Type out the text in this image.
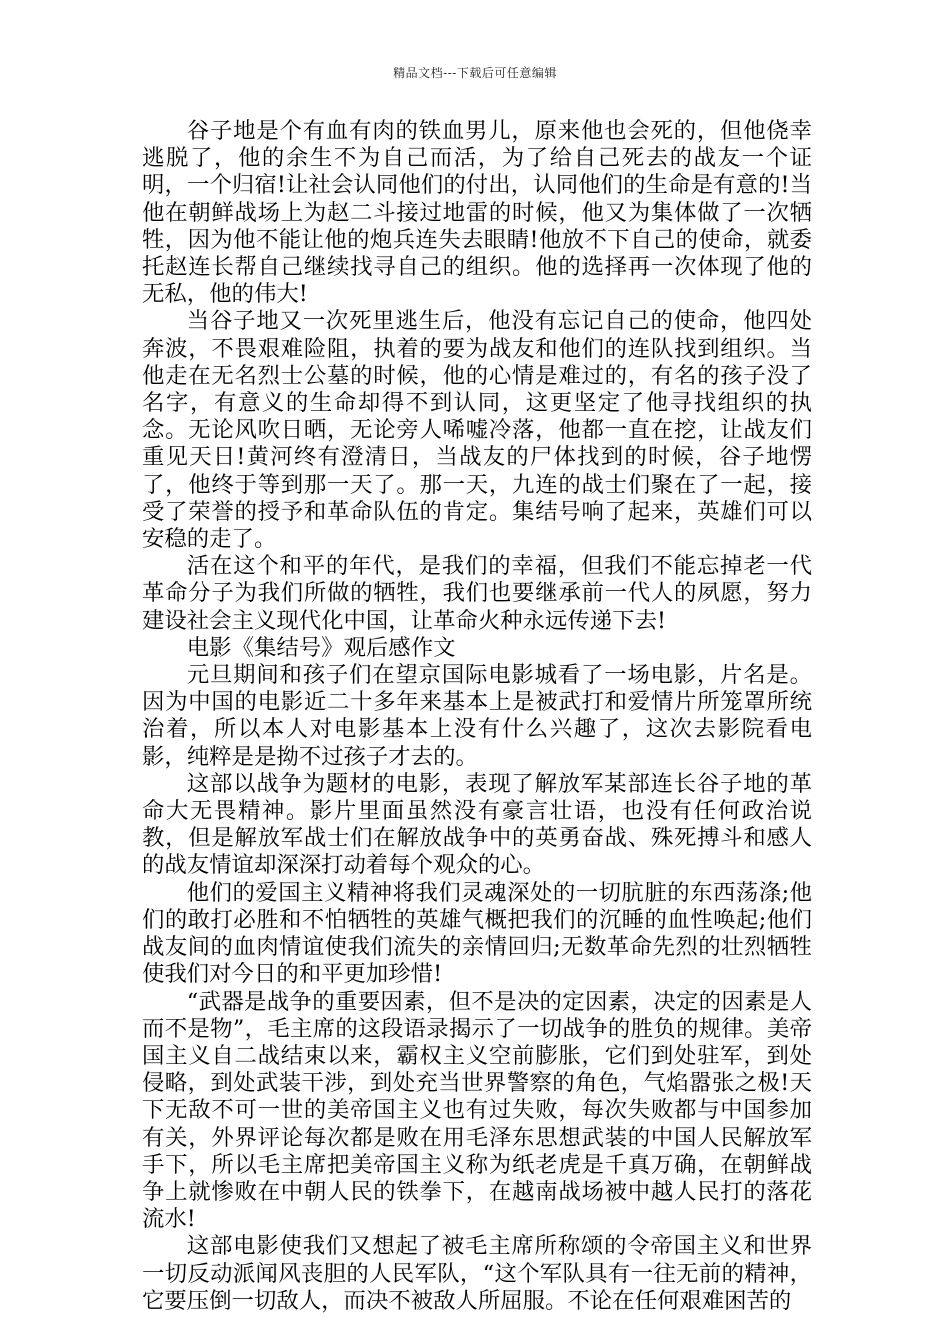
精品文档---下载后可任意编辑

谷子地是个有血有肉的铁血男儿，原来他也会死的，但他侥幸逃脱了，他的余生不为自己而活，为了给自己死去的战友一个证明，一个归宿!让社会认同他们的付出，认同他们的生命是有意的!当他在朝鲜战场上为赵二斗接过地雷的时候，他又为集体做了一次牺牲，因为他不能让他的炮兵连失去眼睛!他放不下自己的使命，就委托赵连长帮自己继续找寻自己的组织。他的选择再一次体现了他的无私，他的伟大!

当谷子地又一次死里逃生后，他没有忘记自己的使命，他四处奔波，不畏艰难险阻，执着的要为战友和他们的连队找到组织。当他走在无名烈士公墓的时候，他的心情是难过的，有名的孩子没了名字，有意义的生命却得不到认同，这更坚定了他寻找组织的执念。无论风吹日晒，无论旁人唏嘘冷落，他都一直在挖，让战友们重见天日!黄河终有澄清日，当战友的尸体找到的时候，谷子地愣了，他终于等到那一天了。那一天，九连的战士们聚在了一起，接受了荣誉的授予和革命队伍的肯定。集结号响了起来，英雄们可以安稳的走了。

活在这个和平的年代，是我们的幸福，但我们不能忘掉老一代革命分子为我们所做的牺牲，我们也要继承前一代人的夙愿，努力建设社会主义现代化中国，让革命火种永远传递下去!

电影《集结号》观后感作文

元旦期间和孩子们在望京国际电影城看了一场电影，片名是。因为中国的电影近二十多年来基本上是被武打和爱情片所笼罩所统治着，所以本人对电影基本上没有什么兴趣了，这次去影院看电影，纯粹是是拗不过孩子才去的。

这部以战争为题材的电影，表现了解放军某部连长谷子地的革命大无畏精神。影片里面虽然没有豪言壮语，也没有任何政治说教，但是解放军战士们在解放战争中的英勇奋战、殊死搏斗和感人的战友情谊却深深打动着每个观众的心。

他们的爱国主义精神将我们灵魂深处的一切肮脏的东西荡涤;他们的敢打必胜和不怕牺牲的英雄气概把我们的沉睡的血性唤起;他们战友间的血肉情谊使我们流失的亲情回归;无数革命先烈的壮烈牺牲使我们对今日的和平更加珍惜!

“武器是战争的重要因素，但不是决的定因素，决定的因素是人而不是物”，毛主席的这段语录揭示了一切战争的胜负的规律。美帝国主义自二战结束以来，霸权主义空前膨胀，它们到处驻军，到处侵略，到处武装干涉，到处充当世界警察的角色，气焰嚣张之极!天下无敌不可一世的美帝国主义也有过失败，每次失败都与中国参加有关，外界评论每次都是败在用毛泽东思想武装的中国人民解放军手下，所以毛主席把美帝国主义称为纸老虎是千真万确，在朝鲜战争上就惨败在中朝人民的铁拳下，在越南战场被中越人民打的落花流水!

这部电影使我们又想起了被毛主席所称颂的令帝国主义和世界一切反动派闻风丧胆的人民军队，“这个军队具有一往无前的精神，它要压倒一切敌人，而决不被敌人所屈服。不论在任何艰难困苦的
